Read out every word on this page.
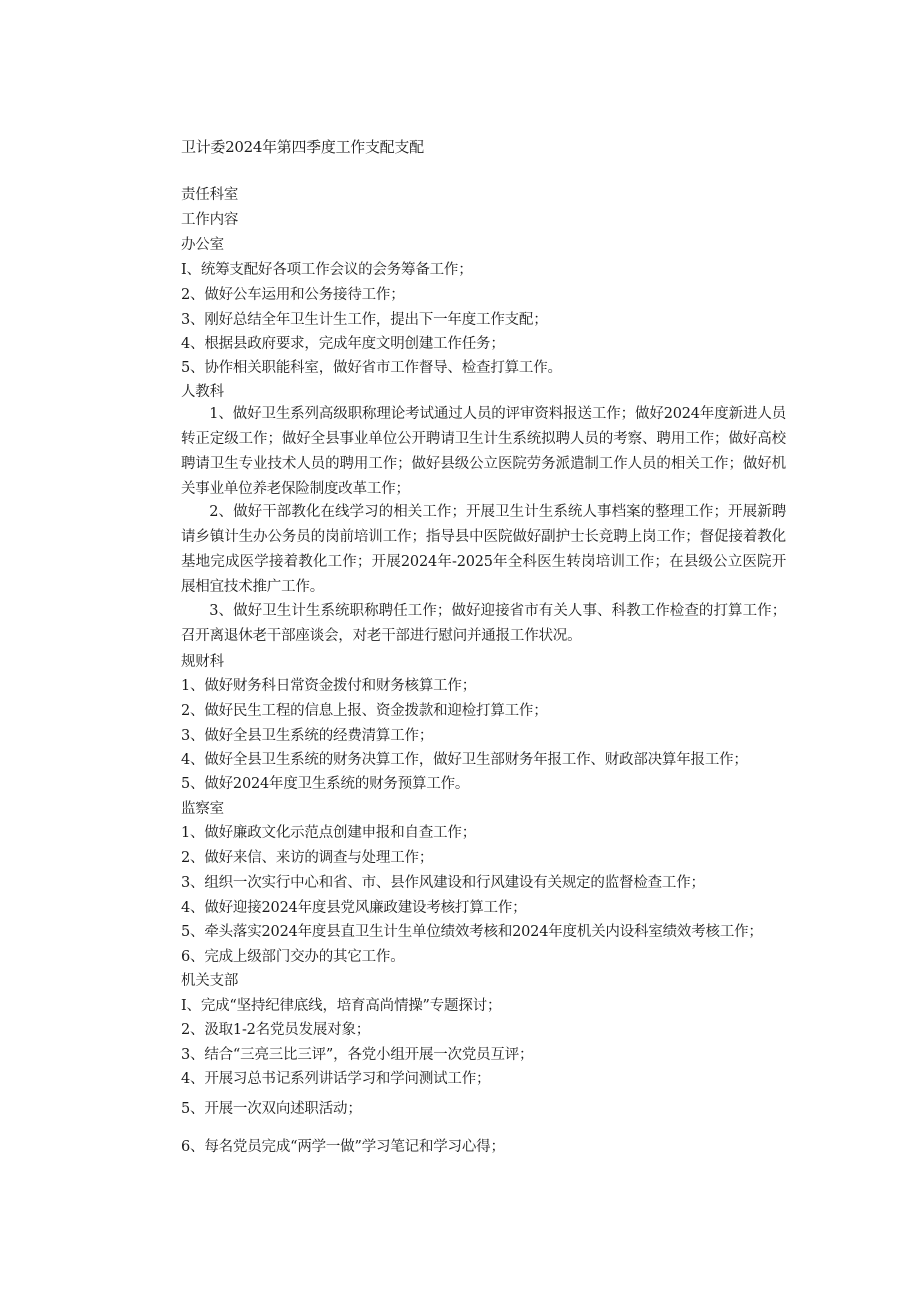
卫计委2024年第四季度工作支配支配
责任科室
工作内容
办公室
I、统筹支配好各项工作会议的会务筹备工作；
2、做好公车运用和公务接待工作；
3、刚好总结全年卫生计生工作，提出下一年度工作支配；
4、根据县政府要求，完成年度文明创建工作任务；
5、协作相关职能科室，做好省市工作督导、检查打算工作。
人教科
1、做好卫生系列高级职称理论考试通过人员的评审资料报送工作；做好2024年度新进人员转正定级工作；做好全县事业单位公开聘请卫生计生系统拟聘人员的考察、聘用工作；做好高校聘请卫生专业技术人员的聘用工作；做好县级公立医院劳务派遣制工作人员的相关工作；做好机关事业单位养老保险制度改革工作；
2、做好干部教化在线学习的相关工作；开展卫生计生系统人事档案的整理工作；开展新聘请乡镇计生办公务员的岗前培训工作；指导县中医院做好副护士长竞聘上岗工作；督促接着教化基地完成医学接着教化工作；开展2024年-2025年全科医生转岗培训工作；在县级公立医院开展相宜技术推广工作。
3、做好卫生计生系统职称聘任工作；做好迎接省市有关人事、科教工作检查的打算工作；召开离退休老干部座谈会，对老干部进行慰问并通报工作状况。
规财科
1、做好财务科日常资金拨付和财务核算工作；
2、做好民生工程的信息上报、资金拨款和迎检打算工作；
3、做好全县卫生系统的经费清算工作；
4、做好全县卫生系统的财务决算工作，做好卫生部财务年报工作、财政部决算年报工作；
5、做好2024年度卫生系统的财务预算工作。
监察室
1、做好廉政文化示范点创建申报和自查工作；
2、做好来信、来访的调查与处理工作；
3、组织一次实行中心和省、市、县作风建设和行风建设有关规定的监督检查工作；
4、做好迎接2024年度县党风廉政建设考核打算工作；
5、牵头落实2024年度县直卫生计生单位绩效考核和2024年度机关内设科室绩效考核工作；
6、完成上级部门交办的其它工作。
机关支部
I、完成“坚持纪律底线，培育高尚情操”专题探讨；
2、汲取1-2名党员发展对象；
3、结合“三亮三比三评”，各党小组开展一次党员互评；
4、开展习总书记系列讲话学习和学问测试工作；
5、开展一次双向述职活动；
6、每名党员完成“两学一做”学习笔记和学习心得；
